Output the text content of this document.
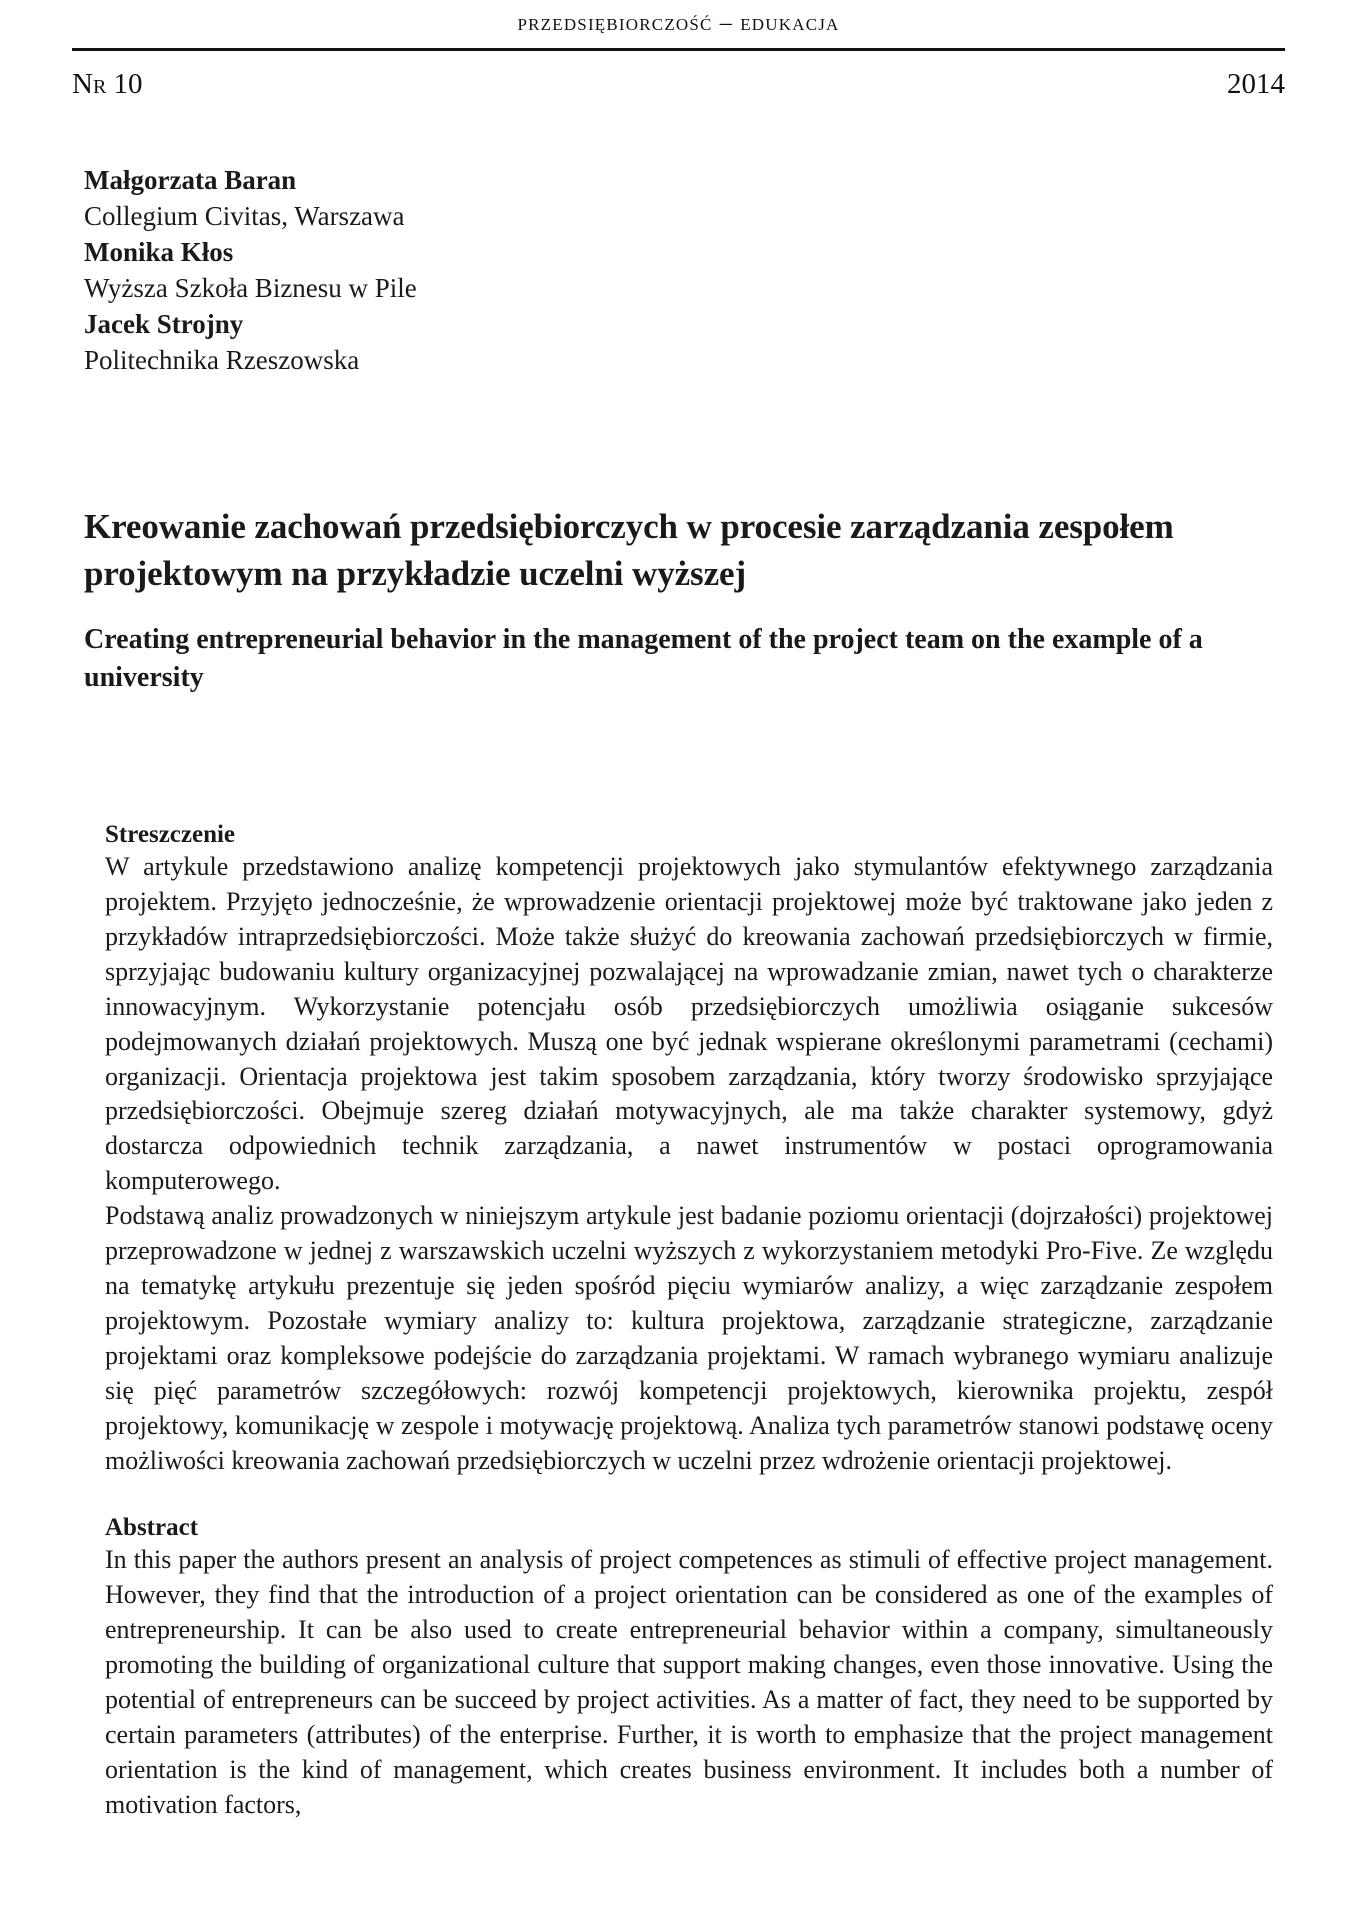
przedsiębiorczość – edukacja
Nr 10	2014
Małgorzata Baran
Collegium Civitas, Warszawa
Monika Kłos
Wyższa Szkoła Biznesu w Pile
Jacek Strojny
Politechnika Rzeszowska
Kreowanie zachowań przedsiębiorczych w procesie zarządzania zespołem projektowym na przykładzie uczelni wyższej
Creating entrepreneurial behavior in the management of the project team on the example of a university
Streszczenie

W artykule przedstawiono analizę kompetencji projektowych jako stymulantów efektywnego zarządzania projektem. Przyjęto jednocześnie, że wprowadzenie orientacji projektowej może być traktowane jako jeden z przykładów intraprzedsiębiorczości. Może także służyć do kreowania zachowań przedsiębiorczych w firmie, sprzyjając budowaniu kultury organizacyjnej pozwalającej na wprowadzanie zmian, nawet tych o charakterze innowacyjnym. Wykorzystanie potencjału osób przedsiębiorczych umożliwia osiąganie sukcesów podejmowanych działań projektowych. Muszą one być jednak wspierane określonymi parametrami (cechami) organizacji. Orientacja projektowa jest takim sposobem zarządzania, który tworzy środowisko sprzyjające przedsiębiorczości. Obejmuje szereg działań motywacyjnych, ale ma także charakter systemowy, gdyż dostarcza odpowiednich technik zarządzania, a nawet instrumentów w postaci oprogramowania komputerowego.

Podstawą analiz prowadzonych w niniejszym artykule jest badanie poziomu orientacji (dojrzałości) projektowej przeprowadzone w jednej z warszawskich uczelni wyższych z wykorzystaniem metodyki Pro-Five. Ze względu na tematykę artykułu prezentuje się jeden spośród pięciu wymiarów analizy, a więc zarządzanie zespołem projektowym. Pozostałe wymiary analizy to: kultura projektowa, zarządzanie strategiczne, zarządzanie projektami oraz kompleksowe podejście do zarządzania projektami. W ramach wybranego wymiaru analizuje się pięć parametrów szczegółowych: rozwój kompetencji projektowych, kierownika projektu, zespół projektowy, komunikację w zespole i motywację projektową. Analiza tych parametrów stanowi podstawę oceny możliwości kreowania zachowań przedsiębiorczych w uczelni przez wdrożenie orientacji projektowej.

Abstract

In this paper the authors present an analysis of project competences as stimuli of effective project management. However, they find that the introduction of a project orientation can be considered as one of the examples of entrepreneurship. It can be also used to create entrepreneurial behavior within a company, simultaneously promoting the building of organizational culture that support making changes, even those innovative. Using the potential of entrepreneurs can be succeed by project activities. As a matter of fact, they need to be supported by certain parameters (attributes) of the enterprise. Further, it is worth to emphasize that the project management orientation is the kind of management, which creates business environment. It includes both a number of motivation factors,
